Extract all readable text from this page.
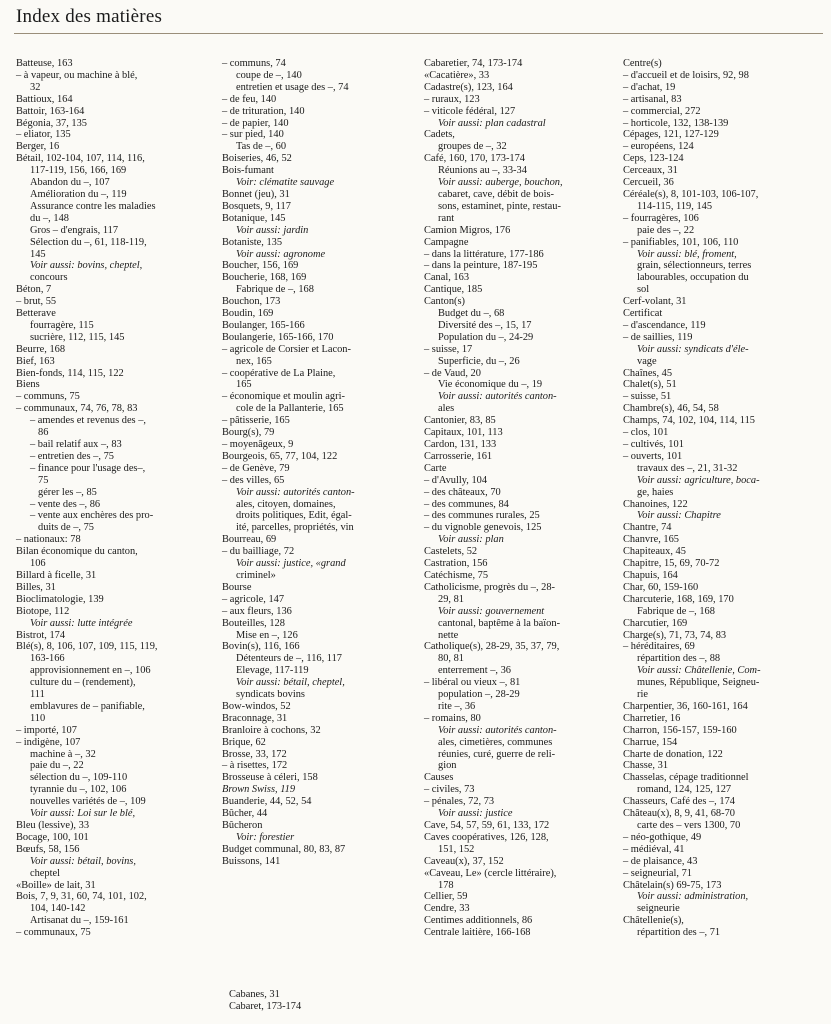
Index des matières
Batteuse, 163
– à vapeur, ou machine à blé,
32
Battioux, 164
Battoir, 163-164
Bégonia, 37, 135
– eliator, 135
Berger, 16
Bétail, 102-104, 107, 114, 116,
117-119, 156, 166, 169
Abandon du –, 107
Amélioration du –, 119
Assurance contre les maladies
du –, 148
Gros – d'engrais, 117
Sélection du –, 61, 118-119,
145
Voir aussi: bovins, cheptel,
concours
Béton, 7
– brut, 55
Betterave
fourragère, 115
sucrière, 112, 115, 145
Beurre, 168
Bief, 163
Bien-fonds, 114, 115, 122
Biens
– communs, 75
– communaux, 74, 76, 78, 83
– amendes et revenus des –,
86
– bail relatif aux –, 83
– entretien des –, 75
– finance pour l'usage des–,
75
gérer les –, 85
– vente des –, 86
– vente aux enchères des pro-
duits de –, 75
– nationaux: 78
Bilan économique du canton,
106
Billard à ficelle, 31
Billes, 31
Bioclimatologie, 139
Biotope, 112
Voir aussi: lutte intégrée
Bistrot, 174
Blé(s), 8, 106, 107, 109, 115, 119,
163-166
approvisionnement en –, 106
culture du – (rendement),
111
emblavures de – panifiable,
110
– importé, 107
– indigène, 107
machine à –, 32
paie du –, 22
sélection du –, 109-110
tyrannie du –, 102, 106
nouvelles variétés de –, 109
Voir aussi: Loi sur le blé,
Bleu (lessive), 33
Bocage, 100, 101
Bœufs, 58, 156
Voir aussi: bétail, bovins,
cheptel
«Boille» de lait, 31
Bois, 7, 9, 31, 60, 74, 101, 102,
104, 140-142
Artisanat du –, 159-161
– communaux, 75
– communs, 74
coupe de –, 140
entretien et usage des –, 74
– de feu, 140
– de trituration, 140
– de papier, 140
– sur pied, 140
Tas de –, 60
Boiseries, 46, 52
Bois-fumant
Voir: clématite sauvage
Bonnet (jeu), 31
Bosquets, 9, 117
Botanique, 145
Voir aussi: jardin
Botaniste, 135
Voir aussi: agronome
Boucher, 156, 169
Boucherie, 168, 169
Fabrique de –, 168
Bouchon, 173
Boudin, 169
Boulanger, 165-166
Boulangerie, 165-166, 170
– agricole de Corsier et Lacon-
nex, 165
– coopérative de La Plaine,
165
– économique et moulin agri-
cole de la Pallanterie, 165
– pâtisserie, 165
Bourg(s), 79
– moyenâgeux, 9
Bourgeois, 65, 77, 104, 122
– de Genève, 79
– des villes, 65
Voir aussi: autorités canton-
ales, citoyen, domaines,
droits politiques, Edit, égal-
ité, parcelles, propriétés, vin
Bourreau, 69
– du bailliage, 72
Voir aussi: justice, «grand
criminel»
Bourse
– agricole, 147
– aux fleurs, 136
Bouteilles, 128
Mise en –, 126
Bovin(s), 116, 166
Détenteurs de –, 116, 117
Elevage, 117-119
Voir aussi: bétail, cheptel,
syndicats bovins
Bow-windos, 52
Braconnage, 31
Branloire à cochons, 32
Brique, 62
Brosse, 33, 172
– à risettes, 172
Brosseuse à céleri, 158
Brown Swiss, 119
Buanderie, 44, 52, 54
Bûcher, 44
Bûcheron
Voir: forestier
Budget communal, 80, 83, 87
Buissons, 141
Cabaretier, 74, 173-174
«Cacatière», 33
Cadastre(s), 123, 164
– ruraux, 123
– viticole fédéral, 127
Voir aussi: plan cadastral
Cadets,
groupes de –, 32
Café, 160, 170, 173-174
Réunions au –, 33-34
Voir aussi: auberge, bouchon,
cabaret, cave, débit de bois-
sons, estaminet, pinte, restau-
rant
Camion Migros, 176
Campagne
– dans la littérature, 177-186
– dans la peinture, 187-195
Canal, 163
Cantique, 185
Canton(s)
Budget du –, 68
Diversité des –, 15, 17
Population du –, 24-29
– suisse, 17
Superficie, du –, 26
– de Vaud, 20
Vie économique du –, 19
Voir aussi: autorités canton-
ales
Cantonier, 83, 85
Capitaux, 101, 113
Cardon, 131, 133
Carrosserie, 161
Carte
– d'Avully, 104
– des châteaux, 70
– des communes, 84
– des communes rurales, 25
– du vignoble genevois, 125
Voir aussi: plan
Castelets, 52
Castration, 156
Catéchisme, 75
Catholicisme, progrès du –, 28-
29, 81
Voir aussi: gouvernement
cantonal, baptême à la baïon-
nette
Catholique(s), 28-29, 35, 37, 79,
80, 81
enterrement –, 36
– libéral ou vieux –, 81
population –, 28-29
rite –, 36
– romains, 80
Voir aussi: autorités canton-
ales, cimetières, communes
réunies, curé, guerre de reli-
gion
Causes
– civiles, 73
– pénales, 72, 73
Voir aussi: justice
Cave, 54, 57, 59, 61, 133, 172
Caves coopératives, 126, 128,
151, 152
Caveau(x), 37, 152
«Caveau, Le» (cercle littéraire),
178
Cellier, 59
Cendre, 33
Centimes additionnels, 86
Centrale laitière, 166-168
Centre(s)
– d'accueil et de loisirs, 92, 98
– d'achat, 19
– artisanal, 83
– commercial, 272
– horticole, 132, 138-139
Cépages, 121, 127-129
– européens, 124
Ceps, 123-124
Cerceaux, 31
Cercueil, 36
Céréale(s), 8, 101-103, 106-107,
114-115, 119, 145
– fourragères, 106
paie des –, 22
– panifiables, 101, 106, 110
Voir aussi: blé, froment,
grain, sélectionneurs, terres
labourables, occupation du
sol
Cerf-volant, 31
Certificat
– d'ascendance, 119
– de saillies, 119
Voir aussi: syndicats d'éle-
vage
Chaînes, 45
Chalet(s), 51
– suisse, 51
Chambre(s), 46, 54, 58
Champs, 74, 102, 104, 114, 115
– clos, 101
– cultivés, 101
– ouverts, 101
travaux des –, 21, 31-32
Voir aussi: agriculture, boca-
ge, haies
Chanoines, 122
Voir aussi: Chapitre
Chantre, 74
Chanvre, 165
Chapiteaux, 45
Chapitre, 15, 69, 70-72
Chapuis, 164
Char, 60, 159-160
Charcuterie, 168, 169, 170
Fabrique de –, 168
Charcutier, 169
Charge(s), 71, 73, 74, 83
– héréditaires, 69
répartition des –, 88
Voir aussi: Châtellenie, Com-
munes, République, Seigneu-
rie
Charpentier, 36, 160-161, 164
Charretier, 16
Charron, 156-157, 159-160
Charrue, 154
Charte de donation, 122
Chasse, 31
Chasselas, cépage traditionnel
romand, 124, 125, 127
Chasseurs, Café des –, 174
Château(x), 8, 9, 41, 68-70
carte des – vers 1300, 70
– néo-gothique, 49
– médiéval, 41
– de plaisance, 43
– seigneurial, 71
Châtelain(s) 69-75, 173
Voir aussi: administration,
seigneurie
Châtellenie(s),
répartition des –, 71
Cabanes, 31
Cabaret, 173-174
